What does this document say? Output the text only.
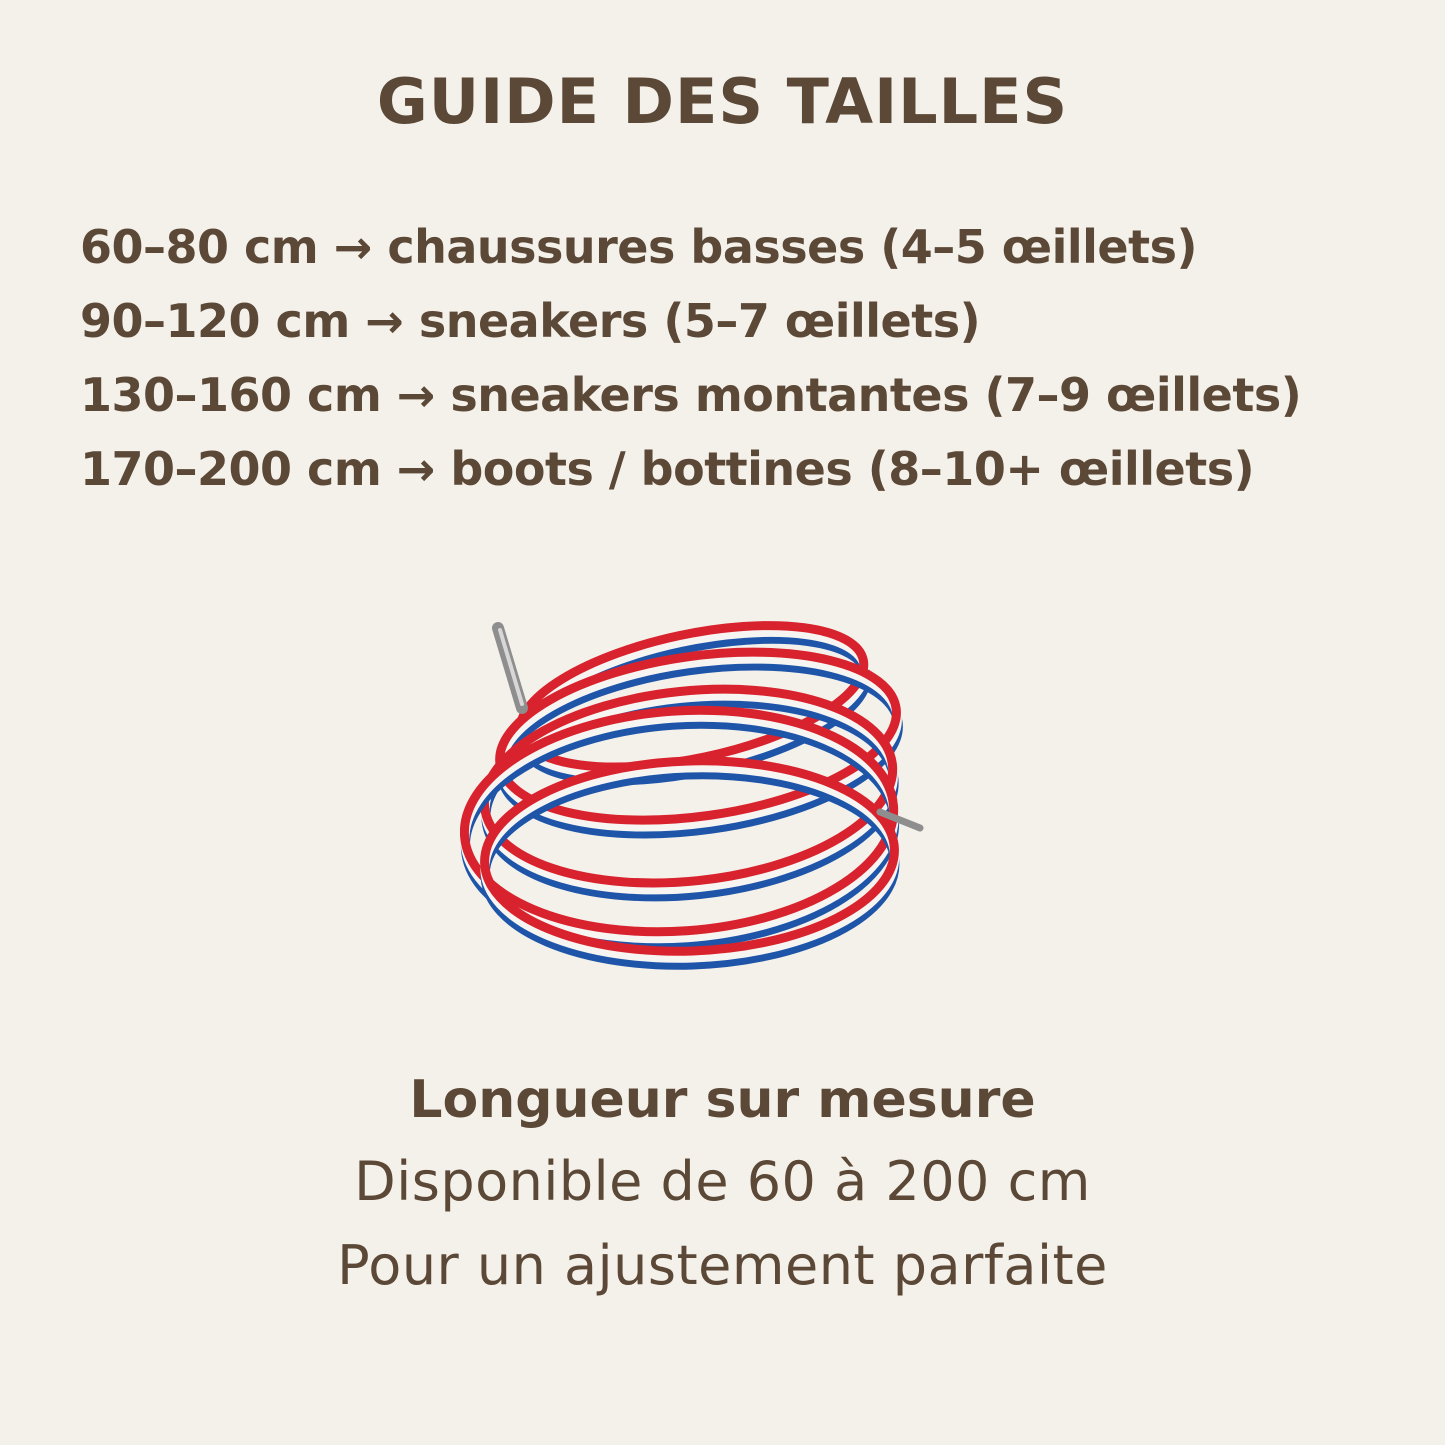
GUIDE DES TAILLES
60–80 cm → chaussures basses (4–5 œillets)
90–120 cm → sneakers (5–7 œillets)
130–160 cm → sneakers montantes (7–9 œillets)
170–200 cm → boots / bottines (8–10+ œillets)

Longueur sur mesure

Disponible de 60 à 200 cm

Pour un ajustement parfaite
